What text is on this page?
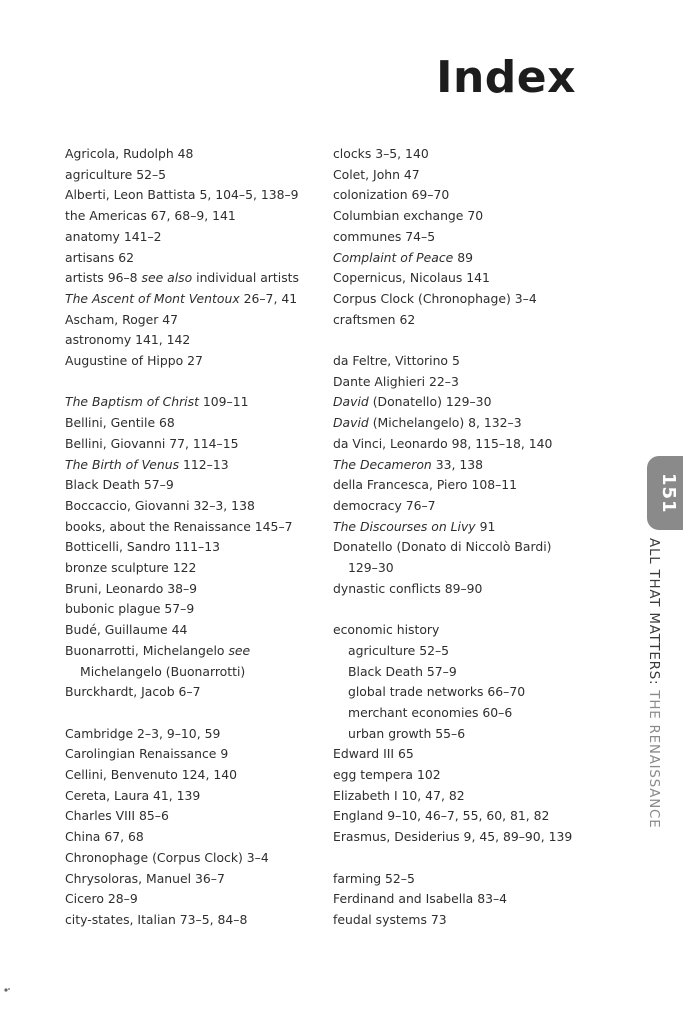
Index

Agricola, Rudolph 48

agriculture 52–5

Alberti, Leon Battista 5, 104–5, 138–9

the Americas 67, 68–9, 141

anatomy 141–2

artisans 62

artists 96–8 see also individual artists

The Ascent of Mont Ventoux 26–7, 41

Ascham, Roger 47

astronomy 141, 142

Augustine of Hippo 27

The Baptism of Christ 109–11

Bellini, Gentile 68

Bellini, Giovanni 77, 114–15

The Birth of Venus 112–13

Black Death 57–9

Boccaccio, Giovanni 32–3, 138

books, about the Renaissance 145–7

Botticelli, Sandro 111–13

bronze sculpture 122

Bruni, Leonardo 38–9

bubonic plague 57–9

Budé, Guillaume 44

Buonarrotti, Michelangelo see

Michelangelo (Buonarrotti)

Burckhardt, Jacob 6–7

Cambridge 2–3, 9–10, 59

Carolingian Renaissance 9

Cellini, Benvenuto 124, 140

Cereta, Laura 41, 139

Charles VIII 85–6

China 67, 68

Chronophage (Corpus Clock) 3–4

Chrysoloras, Manuel 36–7

Cicero 28–9

city-states, Italian 73–5, 84–8

clocks 3–5, 140

Colet, John 47

colonization 69–70

Columbian exchange 70

communes 74–5

Complaint of Peace 89

Copernicus, Nicolaus 141

Corpus Clock (Chronophage) 3–4

craftsmen 62

da Feltre, Vittorino 5

Dante Alighieri 22–3

David (Donatello) 129–30

David (Michelangelo) 8, 132–3

da Vinci, Leonardo 98, 115–18, 140

The Decameron 33, 138

della Francesca, Piero 108–11

democracy 76–7

The Discourses on Livy 91

Donatello (Donato di Niccolò Bardi)

129–30

dynastic conflicts 89–90

economic history

agriculture 52–5

Black Death 57–9

global trade networks 66–70

merchant economies 60–6

urban growth 55–6

Edward III 65

egg tempera 102

Elizabeth I 10, 47, 82

England 9–10, 46–7, 55, 60, 81, 82

Erasmus, Desiderius 9, 45, 89–90, 139

farming 52–5

Ferdinand and Isabella 83–4

feudal systems 73

151
ALL THAT MATTERS: THE RENAISSANCE
